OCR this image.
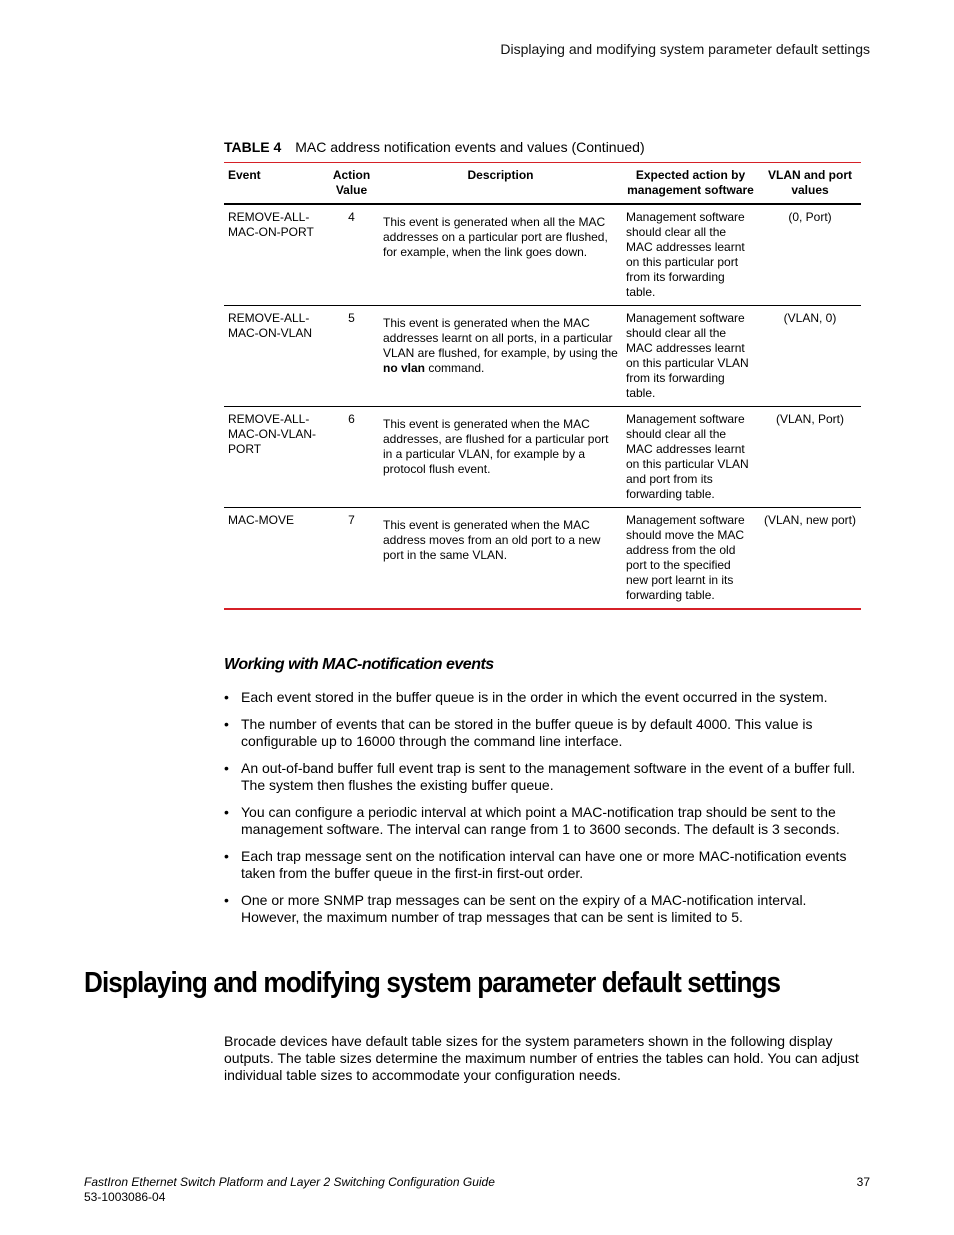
Displaying and modifying system parameter default settings
TABLE 4 MAC address notification events and values (Continued)
Event	Action Value	Description	Expected action by management software	VLAN and port values
REMOVE-ALL-MAC-ON-PORT	4	This event is generated when all the MAC addresses on a particular port are flushed, for example, when the link goes down.	Management software should clear all the MAC addresses learnt on this particular port from its forwarding table.	(0, Port)
REMOVE-ALL-MAC-ON-VLAN	5	This event is generated when the MAC addresses learnt on all ports, in a particular VLAN are flushed, for example, by using the no vlan command.	Management software should clear all the MAC addresses learnt on this particular VLAN from its forwarding table.	(VLAN, 0)
REMOVE-ALL-MAC-ON-VLAN-PORT	6	This event is generated when the MAC addresses, are flushed for a particular port in a particular VLAN, for example by a protocol flush event.	Management software should clear all the MAC addresses learnt on this particular VLAN and port from its forwarding table.	(VLAN, Port)
MAC-MOVE	7	This event is generated when the MAC address moves from an old port to a new port in the same VLAN.	Management software should move the MAC address from the old port to the specified new port learnt in its forwarding table.	(VLAN, new port)
Working with MAC-notification events
• Each event stored in the buffer queue is in the order in which the event occurred in the system.
• The number of events that can be stored in the buffer queue is by default 4000. This value is configurable up to 16000 through the command line interface.
• An out-of-band buffer full event trap is sent to the management software in the event of a buffer full. The system then flushes the existing buffer queue.
• You can configure a periodic interval at which point a MAC-notification trap should be sent to the management software. The interval can range from 1 to 3600 seconds. The default is 3 seconds.
• Each trap message sent on the notification interval can have one or more MAC-notification events taken from the buffer queue in the first-in first-out order.
• One or more SNMP trap messages can be sent on the expiry of a MAC-notification interval. However, the maximum number of trap messages that can be sent is limited to 5.
Displaying and modifying system parameter default settings
Brocade devices have default table sizes for the system parameters shown in the following display outputs. The table sizes determine the maximum number of entries the tables can hold. You can adjust individual table sizes to accommodate your configuration needs.
FastIron Ethernet Switch Platform and Layer 2 Switching Configuration Guide
53-1003086-04
37
